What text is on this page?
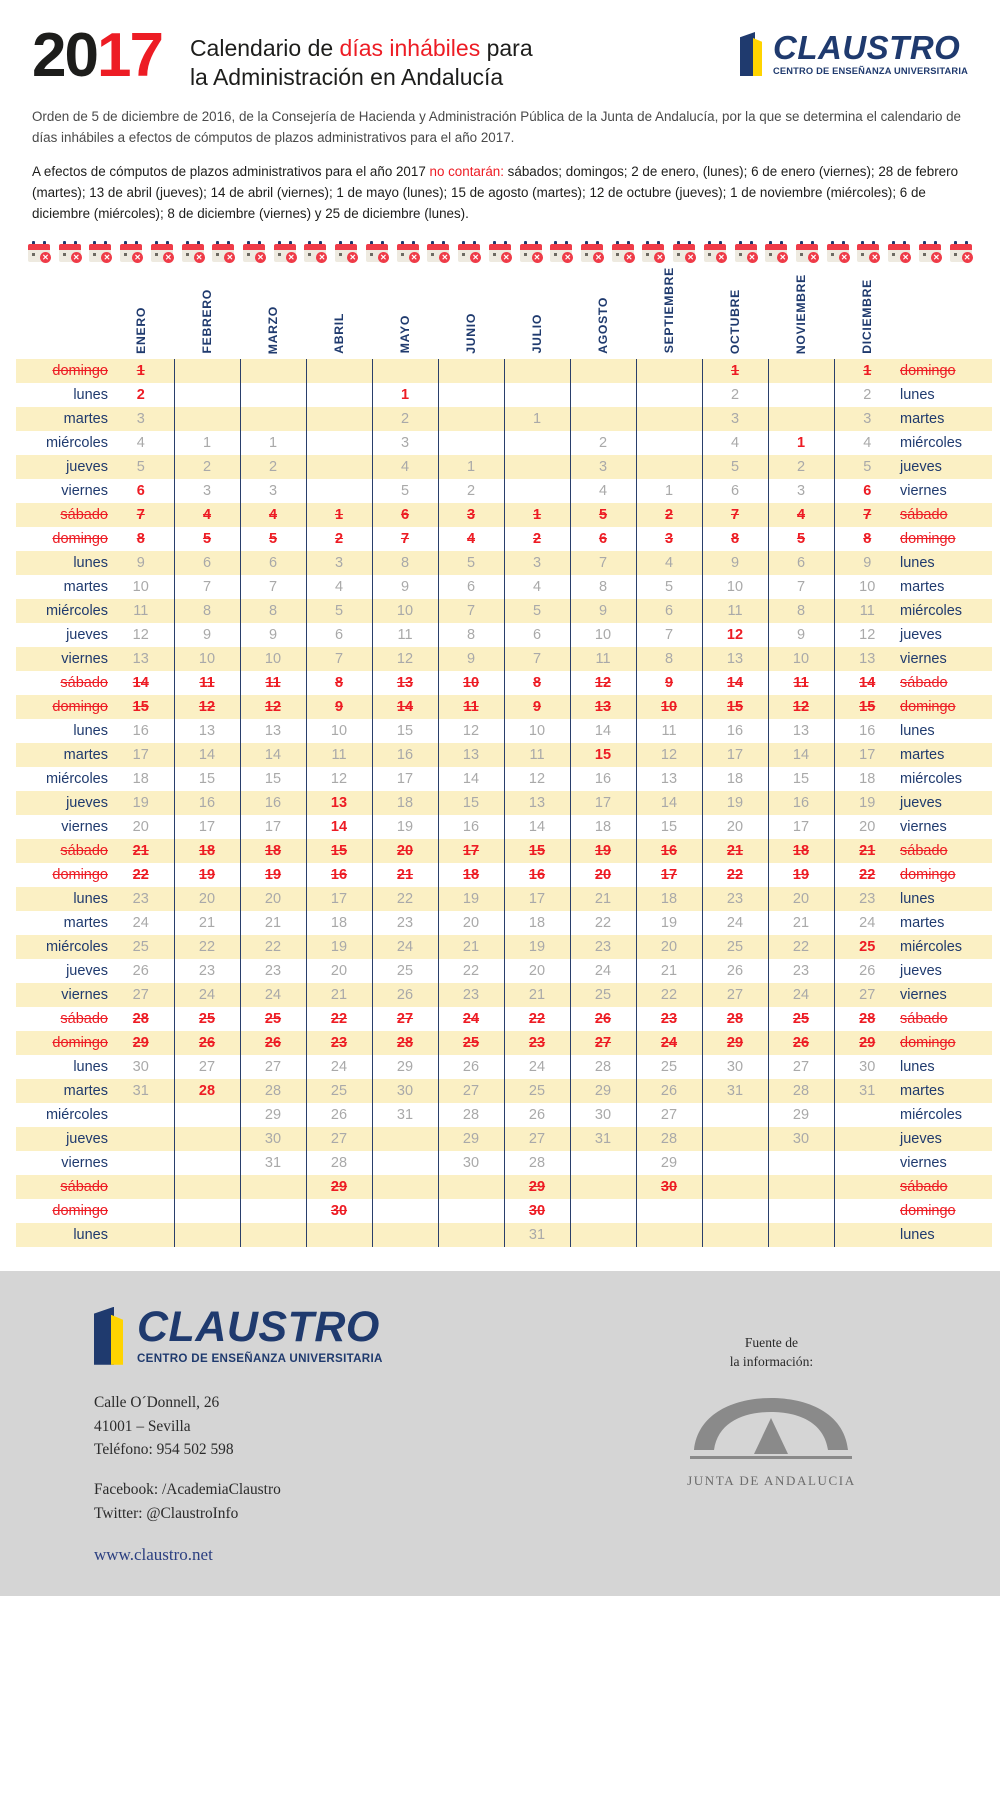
2017 Calendario de días inhábiles para
la Administración en Andalucía
CLAUSTRO
CENTRO DE ENSEÑANZA UNIVERSITARIA
Orden de 5 de diciembre de 2016, de la Consejería de Hacienda y Administración Pública de la Junta de Andalucía, por la que se determina el calendario de días inhábiles a efectos de cómputos de plazos administrativos para el año 2017.
A efectos de cómputos de plazos administrativos para el año 2017 no contarán: sábados; domingos; 2 de enero, (lunes); 6 de enero (viernes); 28 de febrero (martes); 13 de abril (jueves); 14 de abril (viernes); 1 de mayo (lunes); 15 de agosto (martes); 12 de octubre (jueves); 1 de noviembre (miércoles); 6 de diciembre (miércoles); 8 de diciembre (viernes) y 25 de diciembre (lunes).
✕	✕	✕	✕	✕	✕	✕	✕	✕	✕	✕	✕	✕	✕	✕	✕	✕	✕	✕	✕	✕	✕	✕	✕	✕	✕	✕	✕	✕	✕	✕
	ENERO	FEBRERO	MARZO	ABRIL	MAYO	JUNIO	JULIO	AGOSTO	SEPTIEMBRE	OCTUBRE	NOVIEMBRE	DICIEMBRE	
domingo	1									1		1	domingo
lunes	2				1					2		2	lunes
martes	3				2		1			3		3	martes
miércoles	4	1	1		3			2		4	1	4	miércoles
jueves	5	2	2		4	1		3		5	2	5	jueves
viernes	6	3	3		5	2		4	1	6	3	6	viernes
sábado	7	4	4	1	6	3	1	5	2	7	4	7	sábado
domingo	8	5	5	2	7	4	2	6	3	8	5	8	domingo
lunes	9	6	6	3	8	5	3	7	4	9	6	9	lunes
martes	10	7	7	4	9	6	4	8	5	10	7	10	martes
miércoles	11	8	8	5	10	7	5	9	6	11	8	11	miércoles
jueves	12	9	9	6	11	8	6	10	7	12	9	12	jueves
viernes	13	10	10	7	12	9	7	11	8	13	10	13	viernes
sábado	14	11	11	8	13	10	8	12	9	14	11	14	sábado
domingo	15	12	12	9	14	11	9	13	10	15	12	15	domingo
lunes	16	13	13	10	15	12	10	14	11	16	13	16	lunes
martes	17	14	14	11	16	13	11	15	12	17	14	17	martes
miércoles	18	15	15	12	17	14	12	16	13	18	15	18	miércoles
jueves	19	16	16	13	18	15	13	17	14	19	16	19	jueves
viernes	20	17	17	14	19	16	14	18	15	20	17	20	viernes
sábado	21	18	18	15	20	17	15	19	16	21	18	21	sábado
domingo	22	19	19	16	21	18	16	20	17	22	19	22	domingo
lunes	23	20	20	17	22	19	17	21	18	23	20	23	lunes
martes	24	21	21	18	23	20	18	22	19	24	21	24	martes
miércoles	25	22	22	19	24	21	19	23	20	25	22	25	miércoles
jueves	26	23	23	20	25	22	20	24	21	26	23	26	jueves
viernes	27	24	24	21	26	23	21	25	22	27	24	27	viernes
sábado	28	25	25	22	27	24	22	26	23	28	25	28	sábado
domingo	29	26	26	23	28	25	23	27	24	29	26	29	domingo
lunes	30	27	27	24	29	26	24	28	25	30	27	30	lunes
martes	31	28	28	25	30	27	25	29	26	31	28	31	martes
miércoles			29	26	31	28	26	30	27		29		miércoles
jueves			30	27		29	27	31	28		30		jueves
viernes			31	28		30	28		29				viernes
sábado				29			29		30				sábado
domingo				30			30						domingo
lunes							31						lunes
CLAUSTRO
CENTRO DE ENSEÑANZA UNIVERSITARIA
Calle O´Donnell, 26
41001 – Sevilla
Teléfono: 954 502 598
Facebook: /AcademiaClaustro
Twitter: @ClaustroInfo
www.claustro.net
Fuente de
la información:
JUNTA DE ANDALUCIA
